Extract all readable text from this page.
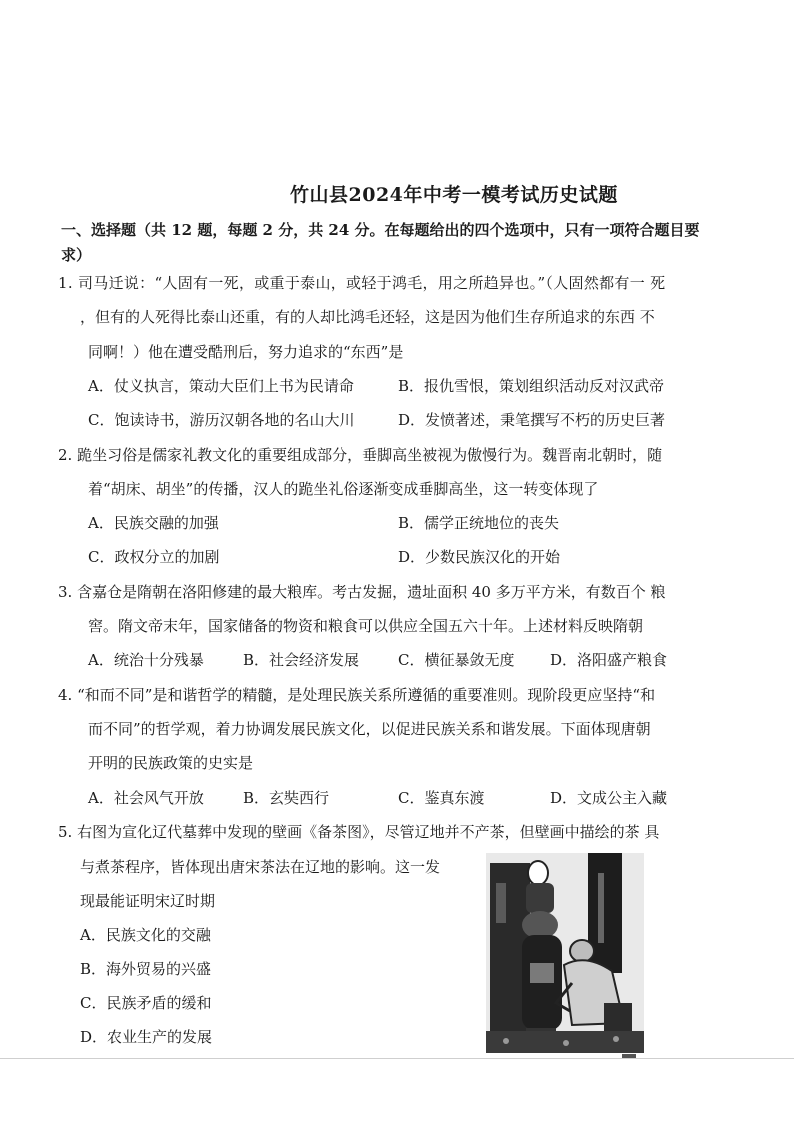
竹山县2024年中考一模考试历史试题
一、选择题（共 12 题，每题 2 分，共 24 分。在每题给出的四个选项中，只有一项符合题目要求）
1. 司马迁说：“人固有一死，或重于泰山，或轻于鸿毛，用之所趋异也。”（人固然都有一 死
，但有的人死得比泰山还重，有的人却比鸿毛还轻，这是因为他们生存所追求的东西 不
同啊！）他在遭受酷刑后，努力追求的“东西”是
A．仗义执言，策动大臣们上书为民请命	B．报仇雪恨，策划组织活动反对汉武帝
C．饱读诗书，游历汉朝各地的名山大川	D．发愤著述，秉笔撰写不朽的历史巨著
2. 跪坐习俗是儒家礼教文化的重要组成部分，垂脚高坐被视为傲慢行为。魏晋南北朝时，随
着“胡床、胡坐”的传播，汉人的跪坐礼俗逐渐变成垂脚高坐，这一转变体现了
A．民族交融的加强	B．儒学正统地位的丧失
C．政权分立的加剧	D．少数民族汉化的开始
3. 含嘉仓是隋朝在洛阳修建的最大粮库。考古发掘，遗址面积 40 多万平方米，有数百个 粮
窖。隋文帝末年，国家储备的物资和粮食可以供应全国五六十年。上述材料反映隋朝
A．统治十分残暴	B．社会经济发展	C．横征暴敛无度 D．洛阳盛产粮食
4. “和而不同”是和谐哲学的精髓，是处理民族关系所遵循的重要准则。现阶段更应坚持“和
而不同”的哲学观，着力协调发展民族文化，以促进民族关系和谐发展。下面体现唐朝
开明的民族政策的史实是
A．社会风气开放	B．玄奘西行	C．鉴真东渡	D．文成公主入藏
5. 右图为宣化辽代墓葬中发现的壁画《备茶图》，尽管辽地并不产茶，但壁画中描绘的茶 具
与煮茶程序，皆体现出唐宋茶法在辽地的影响。这一发
现最能证明宋辽时期
A．民族文化的交融
B．海外贸易的兴盛
C．民族矛盾的缓和
D．农业生产的发展
